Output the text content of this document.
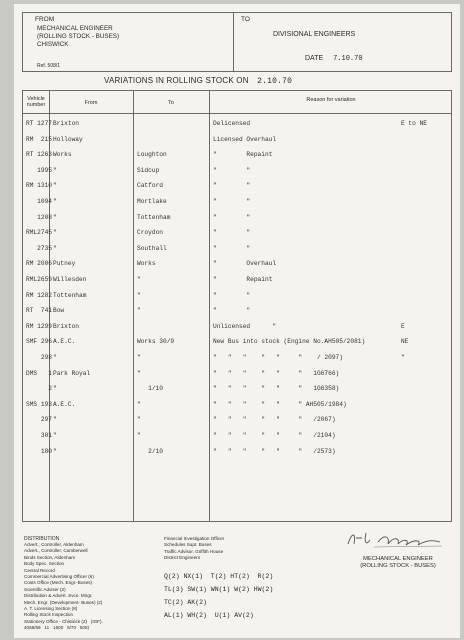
FROM
MECHANICAL ENGINEER
(ROLLING STOCK - BUSES)
CHISWICK
Ref. 508/1
TO
DIVISIONAL ENGINEERS
DATE 7.10.70
VARIATIONS IN ROLLING STOCK ON 2.10.70
Vehicle
number	From	To	Reason for variation
RT 1277 Brixton	Delicensed	E to NE
RM  215 Holloway	Licensed Overhaul
RT 1263 Works	Loughton	"        Repaint
1995 "	Sidcup	"        "
RM 1310 "	Catford	"        "
1094 "	Mortlake	"        "
1208 "	Tottenham	"        "
RML2745 "	Croydon	"        "
2735 "	Southall	"        "
RM 2006 Putney	Works	"        Overhaul
RML2659 Willesden	"	"        Repaint
RM 1282 Tottenham	"	"        "
RT  741 Bow	"	"        "
RM 1299 Brixton	Unlicensed      "	E
SMF 296 A.E.C.	Works 30/9	New Bus into stock (Engine No.AH505/2081)	NE
298 "	"	"   "   "    "   "     "    / 2097)	"
DMS   1 Park Royal	"	"   "   "    "   "     "   1G6766)
2 "	1/10	"   "   "    "   "     "   1G6358)
SMS 193 A.E.C.	"	"   "   "    "   "     " AH505/1984)
297 "	"	"   "   "    "   "     "   /2067)
301 "	"	"   "   "    "   "     "   /2104)
180 "	2/10	"   "   "    "   "     "   /2573)
DISTRIBUTION
Advert., Controller, Aldenham
Advert., Controller, Camberwell
Binds Section, Aldenham
Body Spec. Section
Central Record
Commercial Advertising Officer (6)
Costs Office (Mech. Engr.-Buses)
Scientific Adviser (2)
Distribution & Advert. Svce. Mngr.
Mech. Engr. (Development- Buses) (2)
A. T. Licensing Section (8)
Rolling Stock Inspection
Stationery Office - Chiswick (2)   (IGF).
4068/69   11   1500   5/70   508)
Financial Investigation Officer
Schedules Supt. Buses
Traffic Advisor, Griffith House
District Engineers
Q(2) NX(1)  T(2) HT(2)  R(2)
TL(3) SW(1) WN(1) W(2) HW(2)
TC(2) AK(2)
AL(1) WH(2)  U(1) AV(2)
MECHANICAL ENGINEER
(ROLLING STOCK - BUSES)
